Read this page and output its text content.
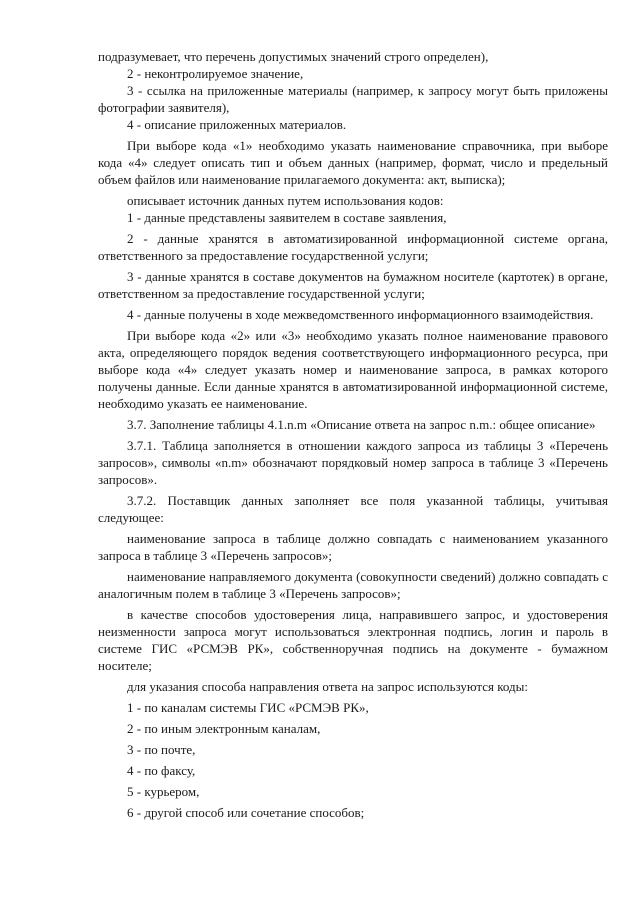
подразумевает, что перечень допустимых значений строго определен),

2 - неконтролируемое значение,

3 - ссылка на приложенные материалы (например, к запросу могут быть приложены фотографии заявителя),

4 - описание приложенных материалов.

При выборе кода «1» необходимо указать наименование справочника, при выборе кода «4» следует описать тип и объем данных (например, формат, число и предельный объем файлов или наименование прилагаемого документа: акт, выписка);

описывает источник данных путем использования кодов:

1 - данные представлены заявителем в составе заявления,

2 - данные хранятся в автоматизированной информационной системе органа, ответственного за предоставление государственной услуги;

3 - данные хранятся в составе документов на бумажном носителе (картотек) в органе, ответственном за предоставление государственной услуги;

4 - данные получены в ходе межведомственного информационного взаимодействия.

При выборе кода «2» или «3» необходимо указать полное наименование правового акта, определяющего порядок ведения соответствующего информационного ресурса, при выборе кода «4» следует указать номер и наименование запроса, в рамках которого получены данные. Если данные хранятся в автоматизированной информационной системе, необходимо указать ее наименование.

3.7. Заполнение таблицы 4.1.n.m «Описание ответа на запрос n.m.: общее описание»

3.7.1. Таблица заполняется в отношении каждого запроса из таблицы 3 «Перечень запросов», символы «n.m» обозначают порядковый номер запроса в таблице 3 «Перечень запросов».

3.7.2. Поставщик данных заполняет все поля указанной таблицы, учитывая следующее:

наименование запроса в таблице должно совпадать с наименованием указанного запроса в таблице 3 «Перечень запросов»;

наименование направляемого документа (совокупности сведений) должно совпадать с аналогичным полем в таблице 3 «Перечень запросов»;

в качестве способов удостоверения лица, направившего запрос, и удостоверения неизменности запроса могут использоваться электронная подпись, логин и пароль в системе ГИС «РСМЭВ РК», собственноручная подпись на документе - бумажном носителе;

для указания способа направления ответа на запрос используются коды:

1 - по каналам системы ГИС «РСМЭВ РК»,

2 - по иным электронным каналам,

3 - по почте,

4 - по факсу,

5 - курьером,

6 - другой способ или сочетание способов;
